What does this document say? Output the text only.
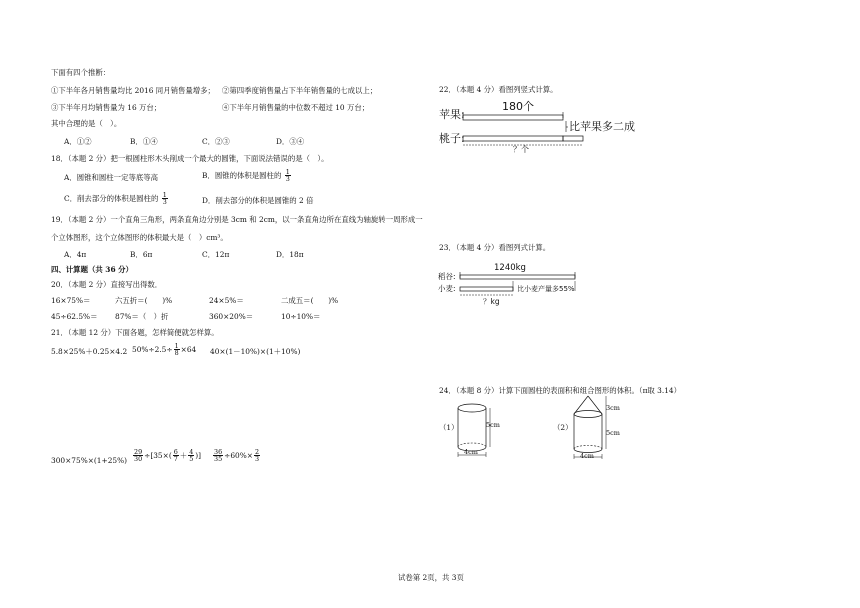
下面有四个推断：
①下半年各月销售量均比 2016 同月销售量增多； ②第四季度销售量占下半年销售量的七成以上；
③下半年月均销售量为 16 万台；	④下半年月销售量的中位数不超过 10 万台；
其中合理的是（　）。
A．①②	B．①④	C．②③	D．③④
18．（本题 2 分）把一根圆柱形木头削成一个最大的圆锥，下面说法错误的是（　）。
A．圆锥和圆柱一定等底等高	B．圆锥的体积是圆柱的 $\frac{1}{3}$
C．削去部分的体积是圆柱的 $\frac{1}{3}$	D．削去部分的体积是圆锥的 2 倍
19．（本题 2 分）一个直角三角形，两条直角边分别是 3cm 和 2cm，以一条直角边所在直线为轴旋转一周形成一
个立体图形，这个立体图形的体积最大是（　）cm³。
A．4π	B．6π	C．12π	D．18π
四、计算题（共 36 分）
20．（本题 2 分）直接写出得数．
16×75%＝	六五折＝(　　)%	24×5%＝	二成五＝(　　)%
45÷62.5%＝ 87%＝（　）折	360×20%＝	10÷10%＝
21．（本题 12 分）下面各题，怎样简便就怎样算。
5.8×25%＋0.25×4.2 $50\%\div 2.5\div \frac{1}{8} \times 64$ 40×(1－10%)×(1＋10%)
$300\times 75\%\times(1+25\%) \frac{29}{30} \div[35\times( \frac{6}{7} + \frac{4}{5}$ )] $\frac{36}{35} \div 60\%\times \frac{2}{3}$
22．（本题 4 分）看图列竖式计算。
苹果:
180个
比苹果多二成
桃子:
？个
23．（本题 4 分）看图列式计算。
1240kg
稻谷:
小麦:	比小麦产量多55%
？kg
24．（本题 8 分）计算下面圆柱的表面积和组合图形的体积。（π取 3.14）
（1）	5cm
4cm
（2）
3cm
5cm
4cm
试卷第 2页，共 3页
